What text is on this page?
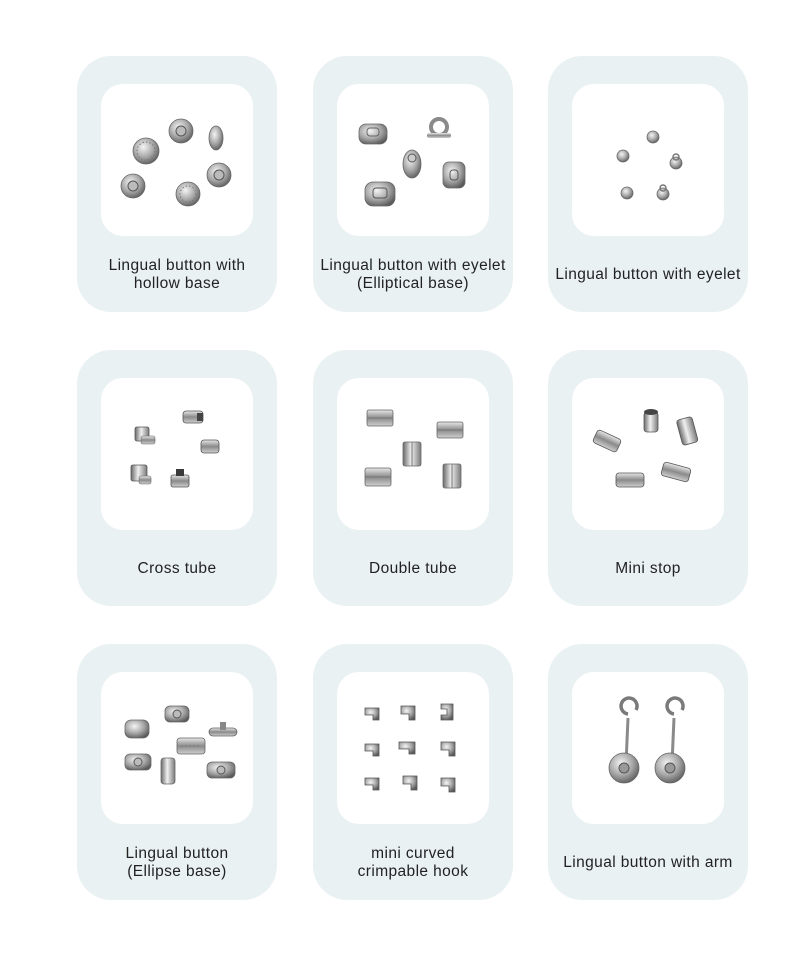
Lingual button with
hollow base
Lingual button with eyelet
(Elliptical base)
Lingual button with eyelet
Cross tube	Double tube	Mini stop
Lingual button
(Ellipse base)
mini curved
crimpable hook
Lingual button with arm
